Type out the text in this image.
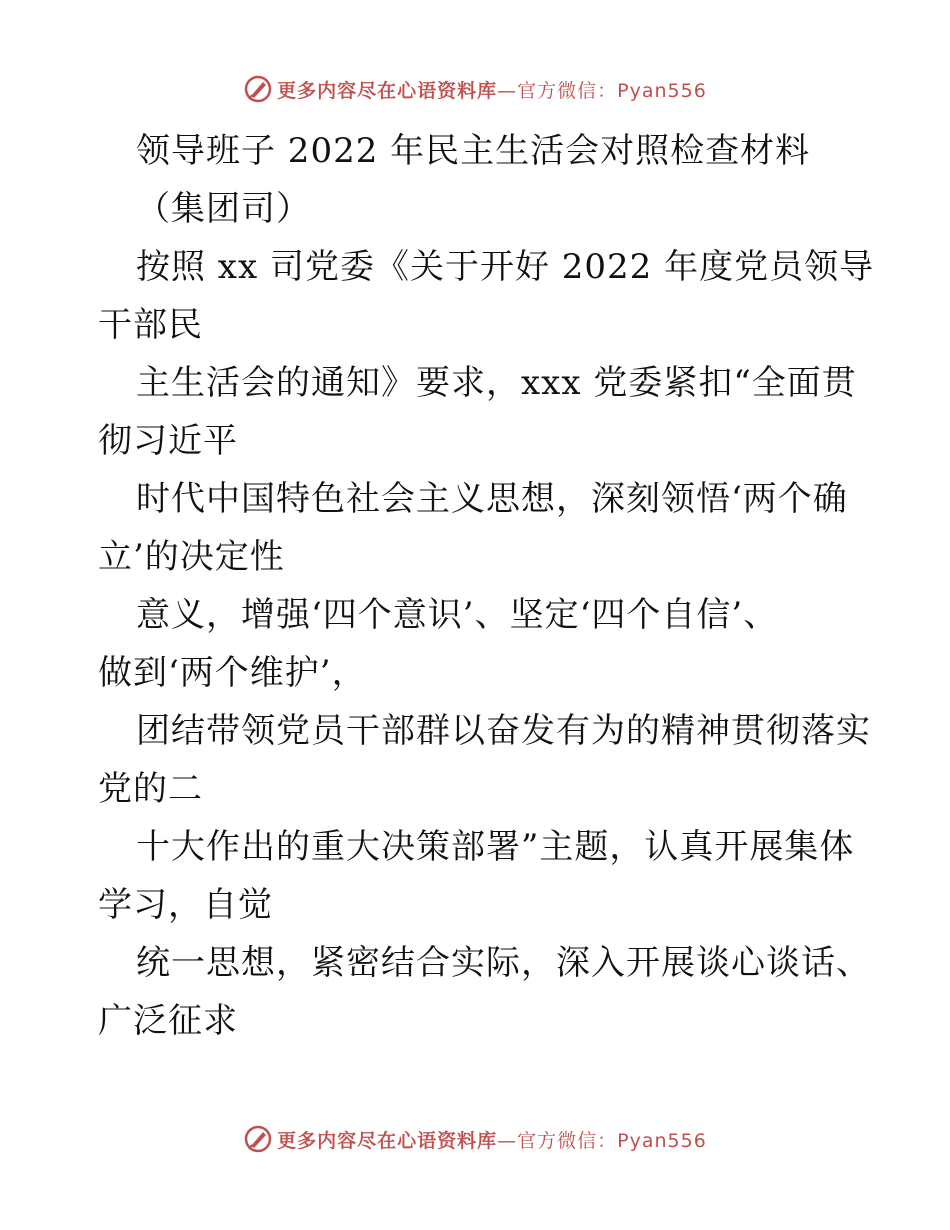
更多内容尽在心语资料库—官方微信：Pyan556
领导班子 2022 年民主生活会对照检查材料
（集团司）
按照 xx 司党委《关于开好 2022 年度党员领导
干部民
主生活会的通知》要求，xxx 党委紧扣“全面贯
彻习近平
时代中国特色社会主义思想，深刻领悟‘两个确
立’的决定性
意义，增强‘四个意识’、坚定‘四个自信’、
做到‘两个维护’，
团结带领党员干部群以奋发有为的精神贯彻落实
党的二
十大作出的重大决策部署”主题，认真开展集体
学习，自觉
统一思想，紧密结合实际，深入开展谈心谈话、
广泛征求
更多内容尽在心语资料库—官方微信：Pyan556
